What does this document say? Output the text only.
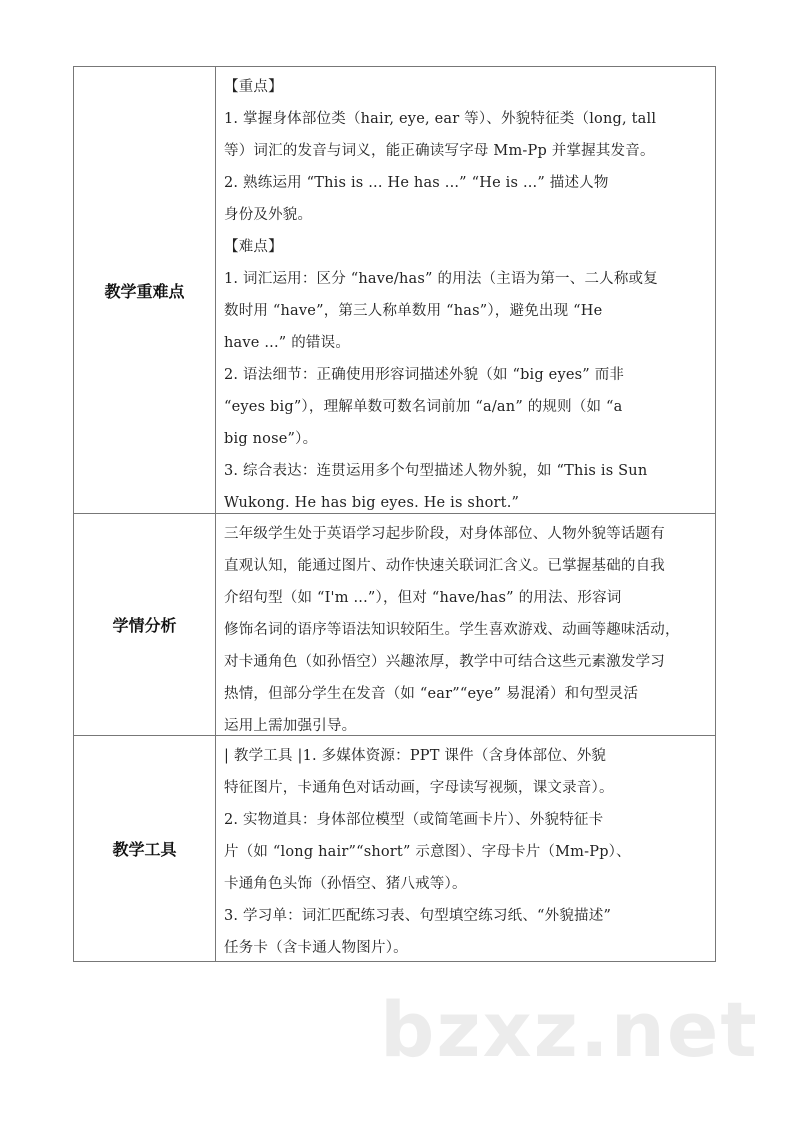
教学重难点
【重点】
1. 掌握身体部位类（hair, eye, ear 等）、外貌特征类（long, tall
等）词汇的发音与词义，能正确读写字母 Mm-Pp 并掌握其发音。
2. 熟练运用 “This is ... He has ...” “He is ...” 描述人物
身份及外貌。
【难点】
1. 词汇运用：区分 “have/has” 的用法（主语为第一、二人称或复
数时用 “have”，第三人称单数用 “has”），避免出现 “He
have ...” 的错误。
2. 语法细节：正确使用形容词描述外貌（如 “big eyes” 而非
“eyes big”），理解单数可数名词前加 “a/an” 的规则（如 “a
big nose”）。
3. 综合表达：连贯运用多个句型描述人物外貌，如 “This is Sun
Wukong. He has big eyes. He is short.”
学情分析
三年级学生处于英语学习起步阶段，对身体部位、人物外貌等话题有
直观认知，能通过图片、动作快速关联词汇含义。已掌握基础的自我
介绍句型（如 “I'm ...”），但对 “have/has” 的用法、形容词
修饰名词的语序等语法知识较陌生。学生喜欢游戏、动画等趣味活动，
对卡通角色（如孙悟空）兴趣浓厚，教学中可结合这些元素激发学习
热情，但部分学生在发音（如 “ear”“eye” 易混淆）和句型灵活
运用上需加强引导。
教学工具
| 教学工具 |1. 多媒体资源：PPT 课件（含身体部位、外貌
特征图片，卡通角色对话动画，字母读写视频，课文录音）。
2. 实物道具：身体部位模型（或简笔画卡片）、外貌特征卡
片（如 “long hair”“short” 示意图）、字母卡片（Mm-Pp）、
卡通角色头饰（孙悟空、猪八戒等）。
3. 学习单：词汇匹配练习表、句型填空练习纸、“外貌描述”
任务卡（含卡通人物图片）。
bzxz.net
